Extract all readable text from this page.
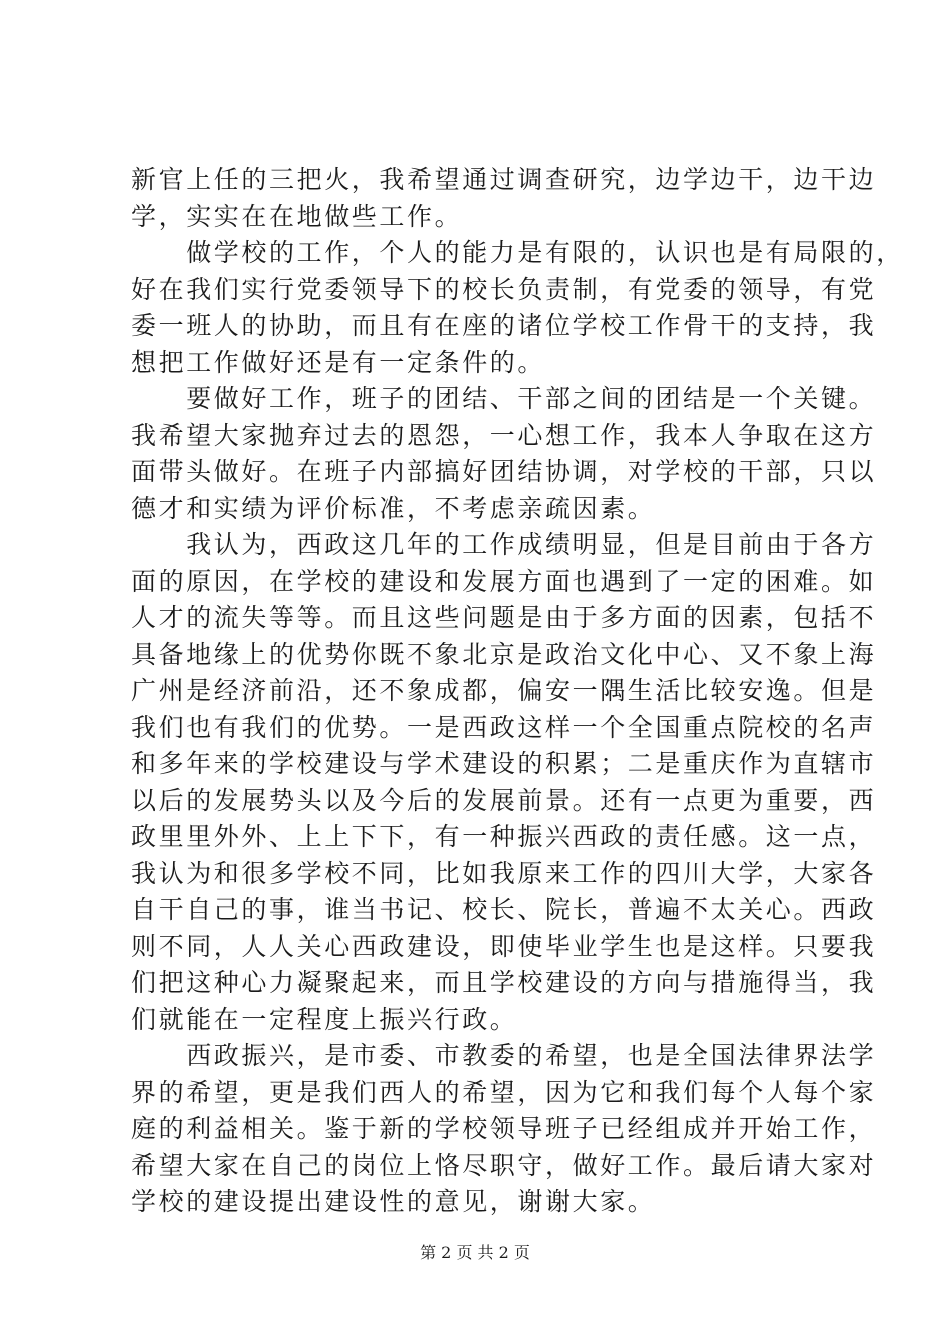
新官上任的三把火，我希望通过调查研究，边学边干，边干边
学，实实在在地做些工作。
　　做学校的工作，个人的能力是有限的，认识也是有局限的，
好在我们实行党委领导下的校长负责制，有党委的领导，有党
委一班人的协助，而且有在座的诸位学校工作骨干的支持，我
想把工作做好还是有一定条件的。
　　要做好工作，班子的团结、干部之间的团结是一个关键。
我希望大家抛弃过去的恩怨，一心想工作，我本人争取在这方
面带头做好。在班子内部搞好团结协调，对学校的干部，只以
德才和实绩为评价标准，不考虑亲疏因素。
　　我认为，西政这几年的工作成绩明显，但是目前由于各方
面的原因，在学校的建设和发展方面也遇到了一定的困难。如
人才的流失等等。而且这些问题是由于多方面的因素，包括不
具备地缘上的优势你既不象北京是政治文化中心、又不象上海
广州是经济前沿，还不象成都，偏安一隅生活比较安逸。但是
我们也有我们的优势。一是西政这样一个全国重点院校的名声
和多年来的学校建设与学术建设的积累；二是重庆作为直辖市
以后的发展势头以及今后的发展前景。还有一点更为重要，西
政里里外外、上上下下，有一种振兴西政的责任感。这一点，
我认为和很多学校不同，比如我原来工作的四川大学，大家各
自干自己的事，谁当书记、校长、院长，普遍不太关心。西政
则不同，人人关心西政建设，即使毕业学生也是这样。只要我
们把这种心力凝聚起来，而且学校建设的方向与措施得当，我
们就能在一定程度上振兴行政。
　　西政振兴，是市委、市教委的希望，也是全国法律界法学
界的希望，更是我们西人的希望，因为它和我们每个人每个家
庭的利益相关。鉴于新的学校领导班子已经组成并开始工作，
希望大家在自己的岗位上恪尽职守，做好工作。最后请大家对
学校的建设提出建设性的意见，谢谢大家。
第 2 页 共 2 页
